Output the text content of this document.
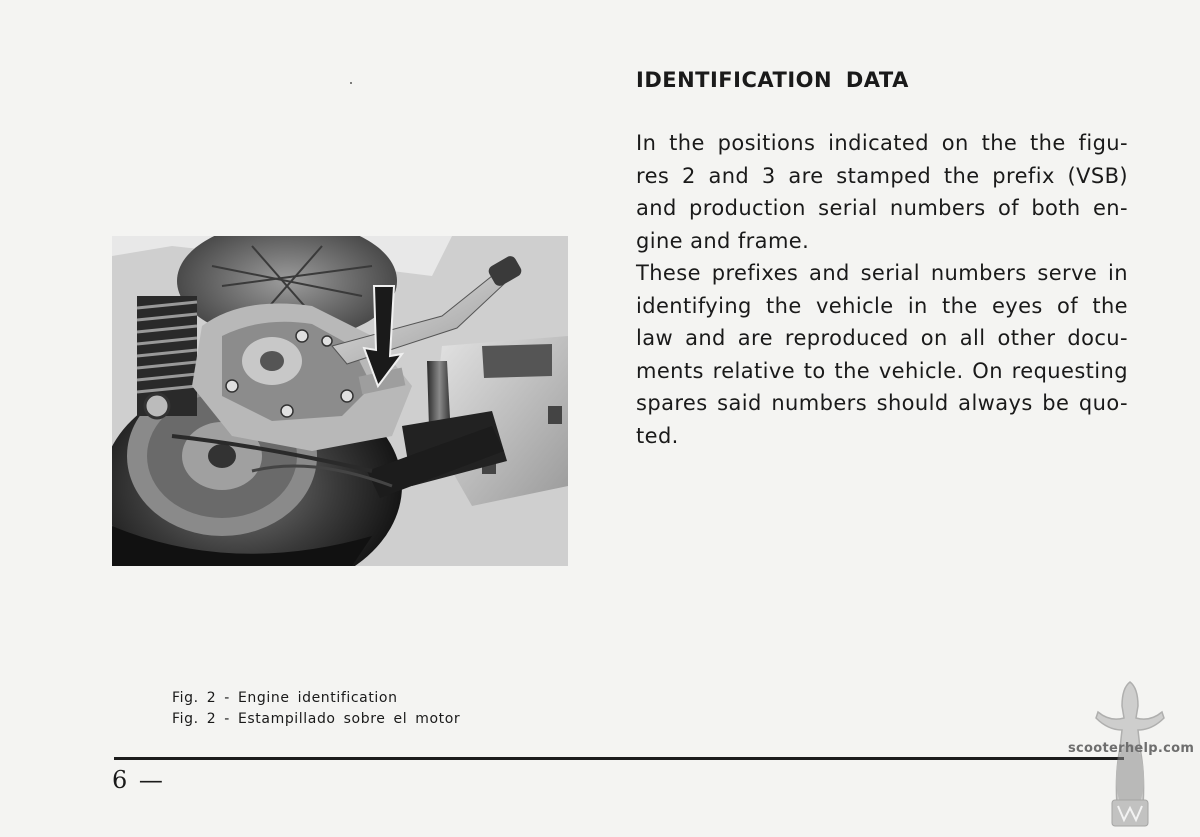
IDENTIFICATION DATA
In the positions indicated on the the figu-
res 2 and 3 are stamped the prefix (VSB)
and production serial numbers of both en-
gine and frame.
These prefixes and serial numbers serve in
identifying the vehicle in the eyes of the
law and are reproduced on all other docu-
ments relative to the vehicle. On requesting
spares said numbers should always be quo-
ted.
Fig. 2 - Engine identification
Fig. 2 - Estampillado sobre el motor
6 —
scooterhelp.com
